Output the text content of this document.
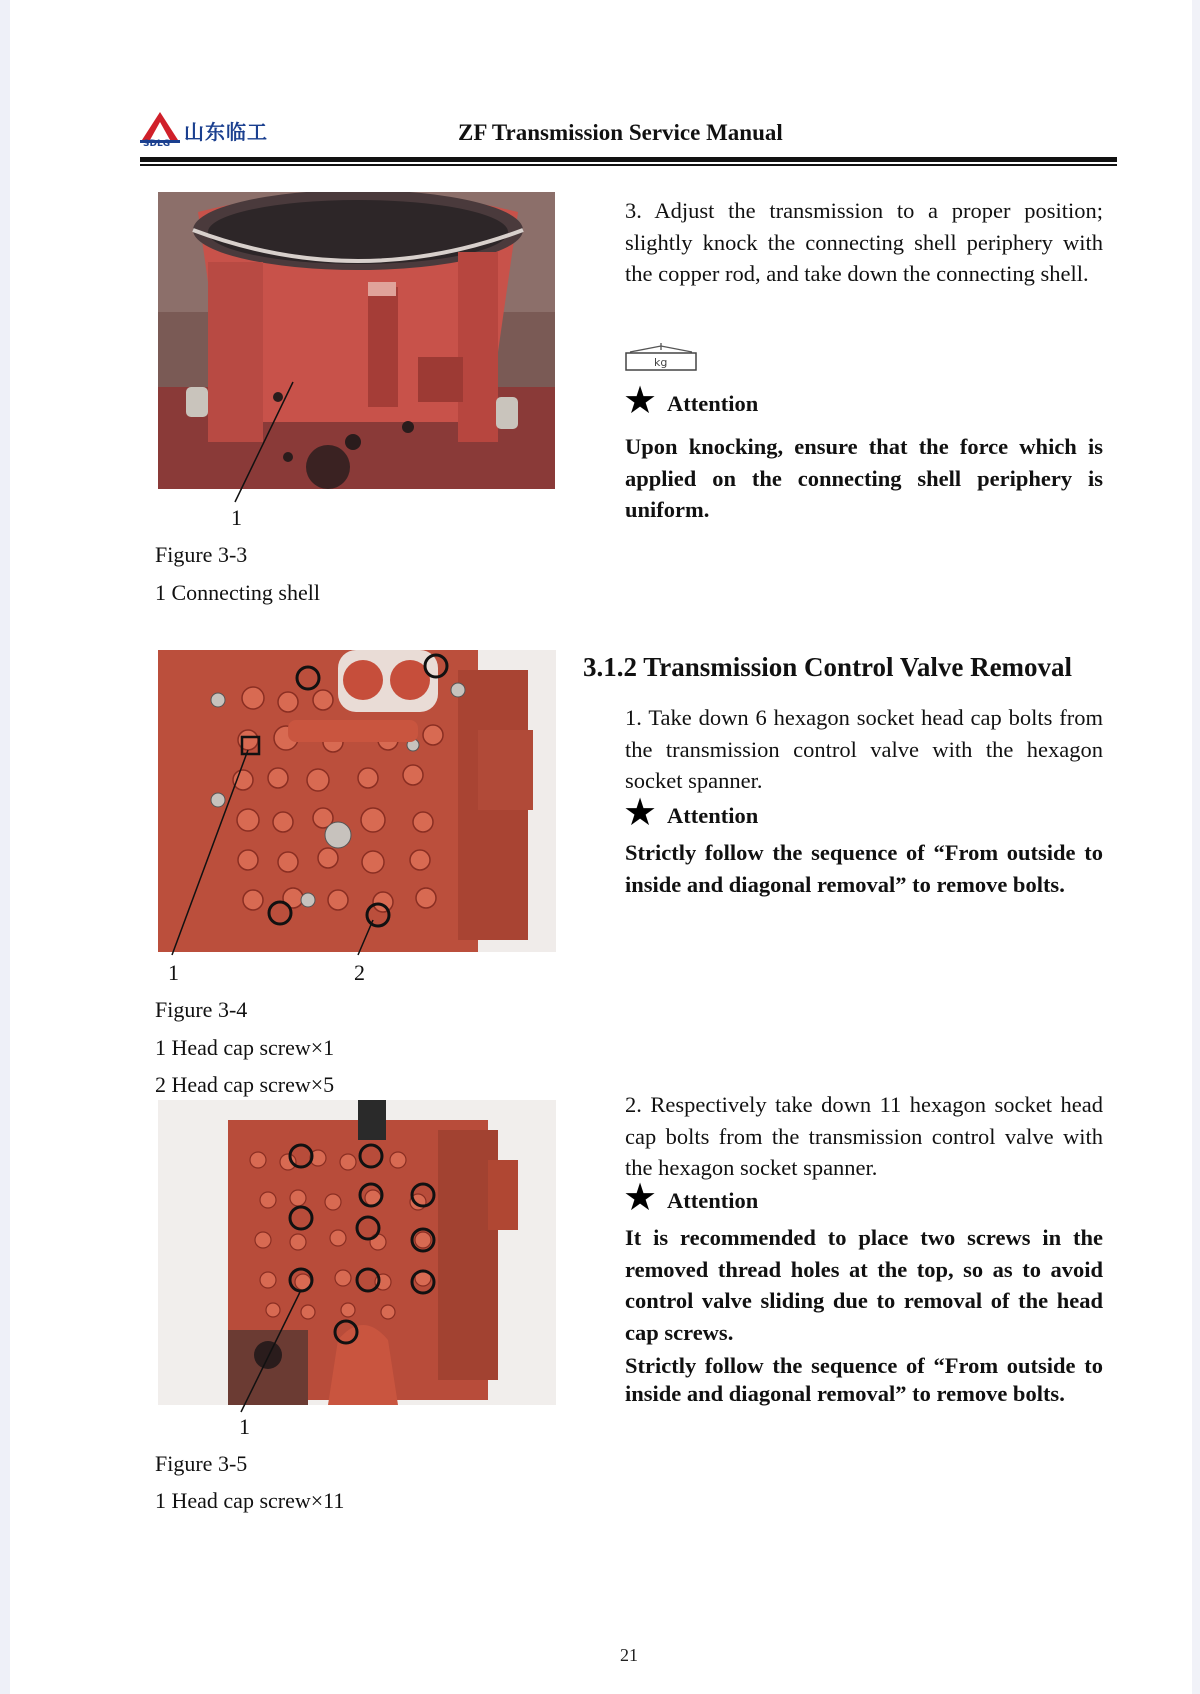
山东临工
SDLG	ZF Transmission Service Manual
1
Figure 3-3
1 Connecting shell

3. Adjust the transmission to a proper position; slightly knock the connecting shell periphery with the copper rod, and take down the connecting shell.

kg
★ Attention

Upon knocking, ensure that the force which is applied on the connecting shell periphery is uniform.

3.1.2 Transmission Control Valve Removal
1	2
Figure 3-4
1 Head cap screw×1
2 Head cap screw×5

1. Take down 6 hexagon socket head cap bolts from the transmission control valve with the hexagon socket spanner.

★ Attention

Strictly follow the sequence of “From outside to inside and diagonal removal” to remove bolts.

1
Figure 3-5
1 Head cap screw×11

2. Respectively take down 11 hexagon socket head cap bolts from the transmission control valve with the hexagon socket spanner.

★ Attention

It is recommended to place two screws in the removed thread holes at the top, so as to avoid control valve sliding due to removal of the head cap screws.

Strictly follow the sequence of “From outside to inside and diagonal removal” to remove bolts.

21
